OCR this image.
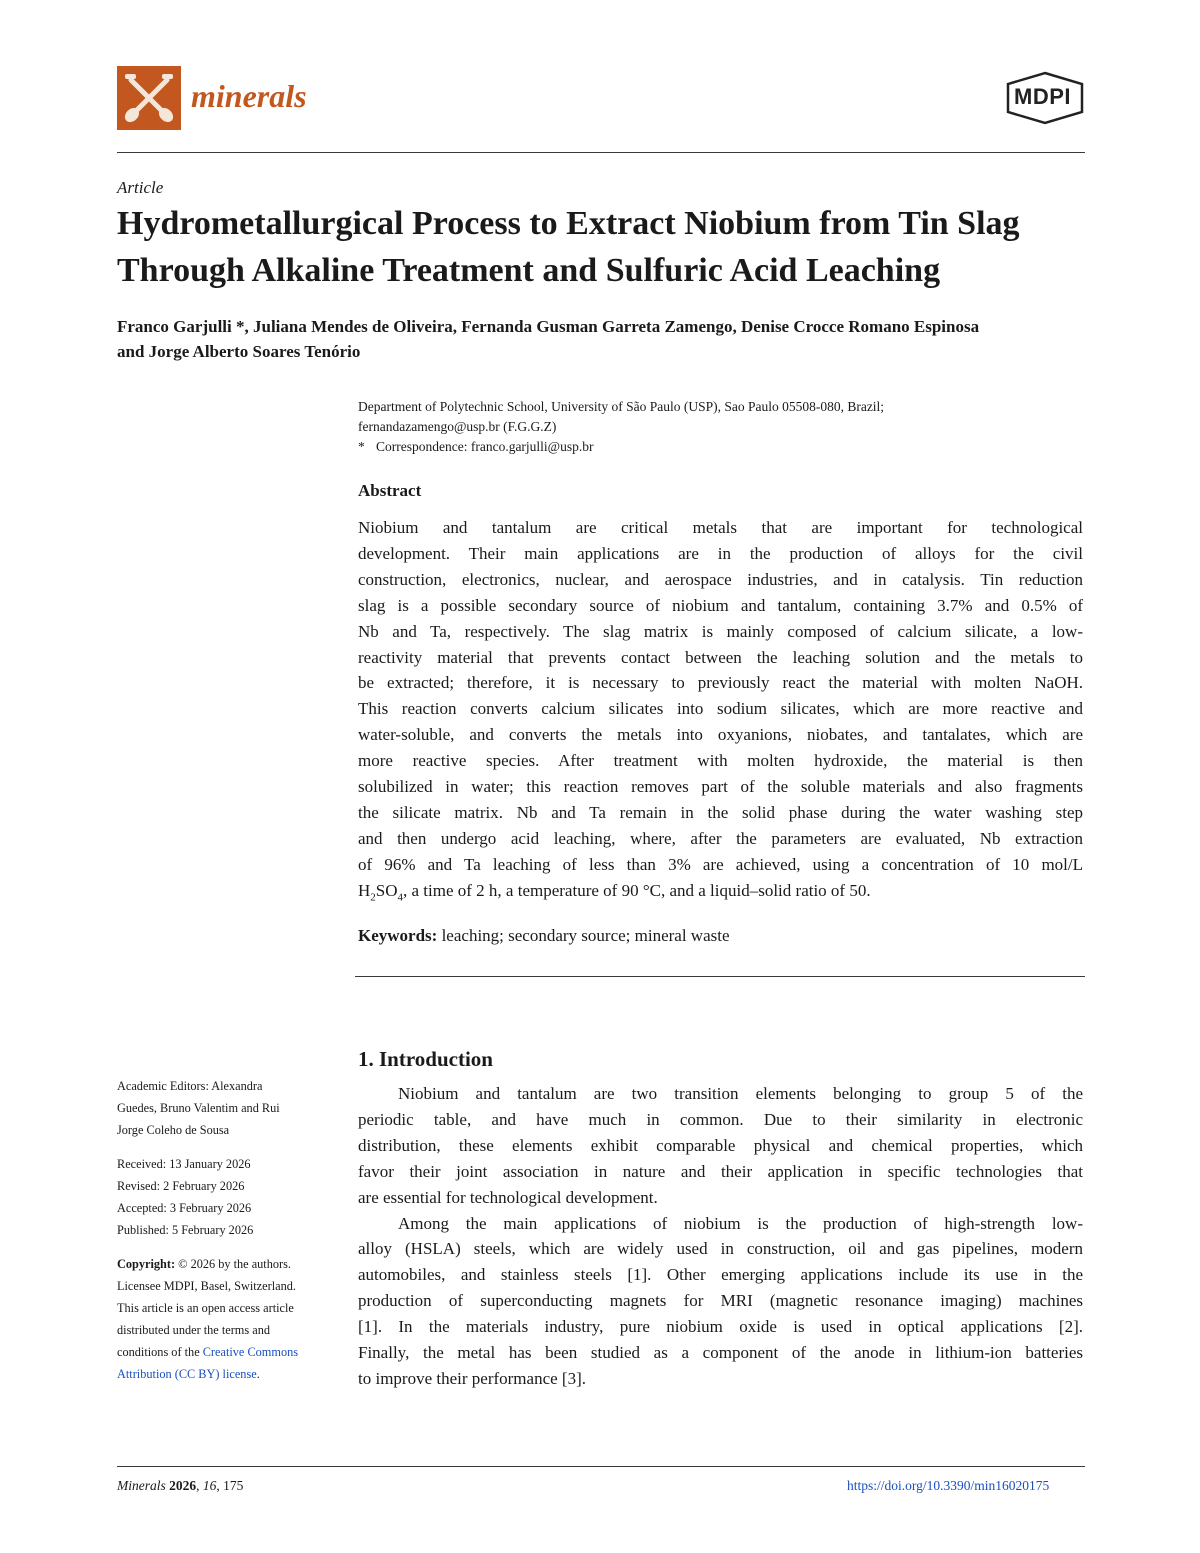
minerals	MDPI
Article
Hydrometallurgical Process to Extract Niobium from Tin Slag
Through Alkaline Treatment and Sulfuric Acid Leaching
Franco Garjulli *, Juliana Mendes de Oliveira, Fernanda Gusman Garreta Zamengo, Denise Crocce Romano Espinosa
and Jorge Alberto Soares Tenório
Department of Polytechnic School, University of São Paulo (USP), Sao Paulo 05508-080, Brazil;
fernandazamengo@usp.br (F.G.G.Z)
* Correspondence: franco.garjulli@usp.br
Abstract
Niobium and tantalum are critical metals that are important for technological
development. Their main applications are in the production of alloys for the civil
construction, electronics, nuclear, and aerospace industries, and in catalysis. Tin reduction
slag is a possible secondary source of niobium and tantalum, containing 3.7% and 0.5% of
Nb and Ta, respectively. The slag matrix is mainly composed of calcium silicate, a low-
reactivity material that prevents contact between the leaching solution and the metals to
be extracted; therefore, it is necessary to previously react the material with molten NaOH.
This reaction converts calcium silicates into sodium silicates, which are more reactive and
water-soluble, and converts the metals into oxyanions, niobates, and tantalates, which are
more reactive species. After treatment with molten hydroxide, the material is then
solubilized in water; this reaction removes part of the soluble materials and also fragments
the silicate matrix. Nb and Ta remain in the solid phase during the water washing step
and then undergo acid leaching, where, after the parameters are evaluated, Nb extraction
of 96% and Ta leaching of less than 3% are achieved, using a concentration of 10 mol/L
$H_2SO_4$, a time of 2 h, a temperature of 90 °C, and a liquid–solid ratio of 50.
Keywords: leaching; secondary source; mineral waste
1. Introduction
Niobium and tantalum are two transition elements belonging to group 5 of the
periodic table, and have much in common. Due to their similarity in electronic
distribution, these elements exhibit comparable physical and chemical properties, which
favor their joint association in nature and their application in specific technologies that
are essential for technological development.
Among the main applications of niobium is the production of high-strength low-
alloy (HSLA) steels, which are widely used in construction, oil and gas pipelines, modern
automobiles, and stainless steels [1]. Other emerging applications include its use in the
production of superconducting magnets for MRI (magnetic resonance imaging) machines
[1]. In the materials industry, pure niobium oxide is used in optical applications [2].
Finally, the metal has been studied as a component of the anode in lithium-ion batteries
to improve their performance [3].
Academic Editors: Alexandra
Guedes, Bruno Valentim and Rui
Jorge Coleho de Sousa
Received: 13 January 2026
Revised: 2 February 2026
Accepted: 3 February 2026
Published: 5 February 2026
Copyright: © 2026 by the authors.
Licensee MDPI, Basel, Switzerland.
This article is an open access article
distributed under the terms and
conditions of the Creative Commons
Attribution (CC BY) license.
Minerals 2026, 16, 175	https://doi.org/10.3390/min16020175
